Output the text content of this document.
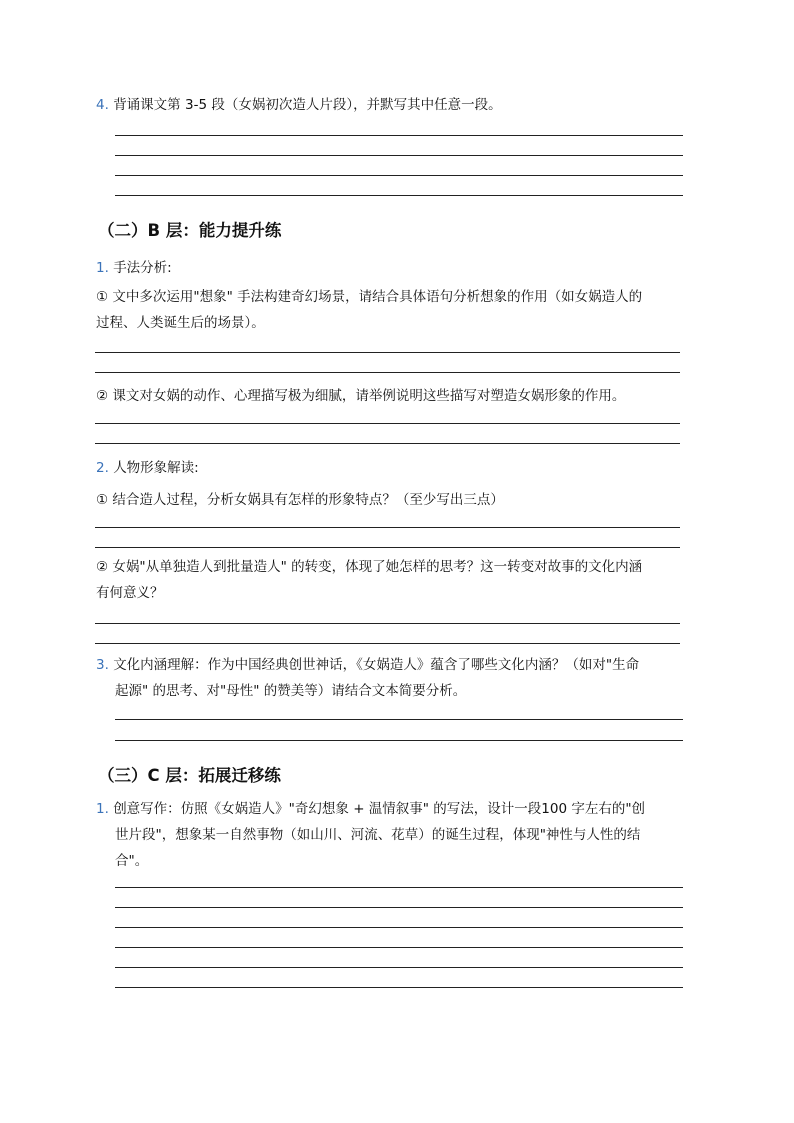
4. 背诵课文第 3-5 段（女娲初次造人片段），并默写其中任意一段。
（二）B 层：能力提升练
1. 手法分析:
① 文中多次运用"想象" 手法构建奇幻场景，请结合具体语句分析想象的作用（如女娲造人的
过程、人类诞生后的场景）。
② 课文对女娲的动作、心理描写极为细腻，请举例说明这些描写对塑造女娲形象的作用。
2. 人物形象解读:
① 结合造人过程，分析女娲具有怎样的形象特点？（至少写出三点）
② 女娲"从单独造人到批量造人" 的转变，体现了她怎样的思考？这一转变对故事的文化内涵
有何意义？
3. 文化内涵理解：作为中国经典创世神话，《女娲造人》蕴含了哪些文化内涵？（如对"生命
起源" 的思考、对"母性" 的赞美等）请结合文本简要分析。
（三）C 层：拓展迁移练
1. 创意写作：仿照《女娲造人》"奇幻想象 + 温情叙事" 的写法，设计一段100 字左右的"创
世片段"，想象某一自然事物（如山川、河流、花草）的诞生过程，体现"神性与人性的结
合"。
